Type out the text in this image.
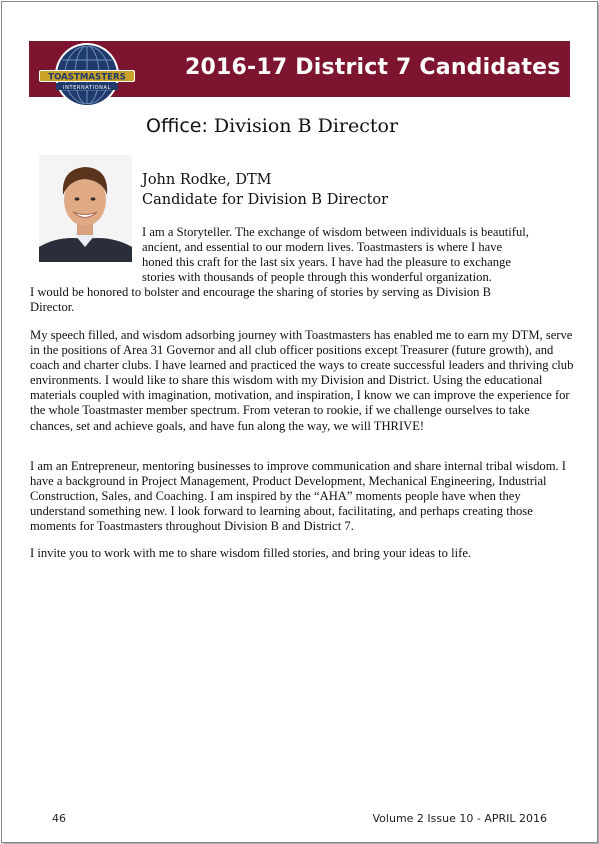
2016-17 District 7 Candidates
TOASTMASTERS
INTERNATIONAL
Office: Division B Director
John Rodke, DTM
Candidate for Division B Director
I am a Storyteller. The exchange of wisdom between individuals is beautiful,
ancient, and essential to our modern lives. Toastmasters is where I have
honed this craft for the last six years. I have had the pleasure to exchange
stories with thousands of people through this wonderful organization.
I would be honored to bolster and encourage the sharing of stories by serving as Division B
Director.

My speech filled, and wisdom adsorbing journey with Toastmasters has enabled me to earn my DTM, serve in the positions of Area 31 Governor and all club officer positions except Treasurer (future growth), and coach and charter clubs. I have learned and practiced the ways to create successful leaders and thriving club environments. I would like to share this wisdom with my Division and District. Using the educational materials coupled with imagination, motivation, and inspiration, I know we can improve the experience for the whole Toastmaster member spectrum. From veteran to rookie, if we challenge ourselves to take chances, set and achieve goals, and have fun along the way, we will THRIVE!

I am an Entrepreneur, mentoring businesses to improve communication and share internal tribal wisdom. I have a background in Project Management, Product Development, Mechanical Engineering, Industrial Construction, Sales, and Coaching. I am inspired by the “AHA” moments people have when they understand something new. I look forward to learning about, facilitating, and perhaps creating those moments for Toastmasters throughout Division B and District 7.

I invite you to work with me to share wisdom filled stories, and bring your ideas to life.

46	Volume 2 Issue 10 - APRIL 2016
